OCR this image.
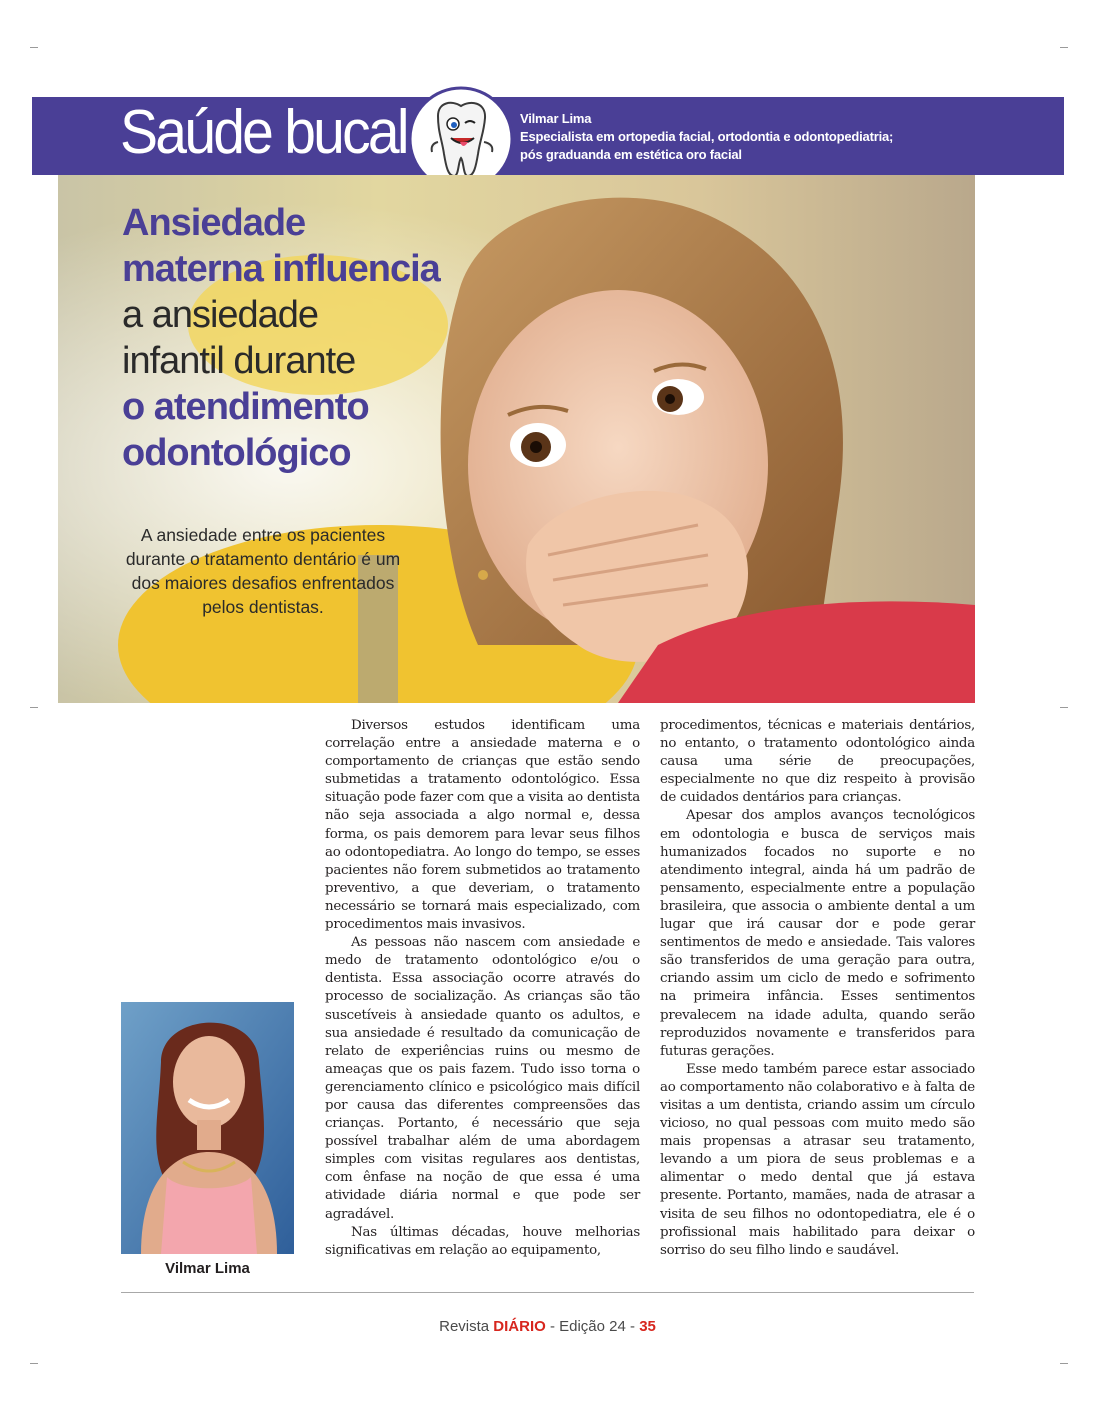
Saúde bucal	Vilmar Lima
Especialista em ortopedia facial, ortodontia e odontopediatria;
pós graduanda em estética oro facial
Ansiedade
materna influencia
a ansiedade
infantil durante
o atendimento
odontológico
A ansiedade entre os pacientes
durante o tratamento dentário é um
dos maiores desafios enfrentados
pelos dentistas.
Vilmar Lima

Diversos estudos identificam uma correlação entre a ansiedade materna e o comportamento de crianças que estão sendo submetidas a tratamento odontológico. Essa situação pode fazer com que a visita ao dentista não seja associada a algo normal e, dessa forma, os pais demorem para levar seus filhos ao odontopediatra. Ao longo do tempo, se esses pacientes não forem submetidos ao tratamento preventivo, a que deveriam, o tratamento necessário se tornará mais especializado, com procedimentos mais invasivos.

As pessoas não nascem com ansiedade e medo de tratamento odontológico e/ou o dentista. Essa associação ocorre através do processo de socialização. As crianças são tão suscetíveis à ansiedade quanto os adultos, e sua ansiedade é resultado da comunicação de relato de experiências ruins ou mesmo de ameaças que os pais fazem. Tudo isso torna o gerenciamento clínico e psicológico mais difícil por causa das diferentes compreensões das crianças. Portanto, é necessário que seja possível trabalhar além de uma abordagem simples com visitas regulares aos dentistas, com ênfase na noção de que essa é uma atividade diária normal e que pode ser agradável.

Nas últimas décadas, houve melhorias significativas em relação ao equipamento,

procedimentos, técnicas e materiais dentários, no entanto, o tratamento odontológico ainda causa uma série de preocupações, especialmente no que diz respeito à provisão de cuidados dentários para crianças.

Apesar dos amplos avanços tecnológicos em odontologia e busca de serviços mais humanizados focados no suporte e no atendimento integral, ainda há um padrão de pensamento, especialmente entre a população brasileira, que associa o ambiente dental a um lugar que irá causar dor e pode gerar sentimentos de medo e ansiedade. Tais valores são transferidos de uma geração para outra, criando assim um ciclo de medo e sofrimento na primeira infância. Esses sentimentos prevalecem na idade adulta, quando serão reproduzidos novamente e transferidos para futuras gerações.

Esse medo também parece estar associado ao comportamento não colaborativo e à falta de visitas a um dentista, criando assim um círculo vicioso, no qual pessoas com muito medo são mais propensas a atrasar seu tratamento, levando a um piora de seus problemas e a alimentar o medo dental que já estava presente. Portanto, mamães, nada de atrasar a visita de seu filhos no odontopediatra, ele é o profissional mais habilitado para deixar o sorriso do seu filho lindo e saudável.

Revista DIÁRIO - Edição 24 - 35
